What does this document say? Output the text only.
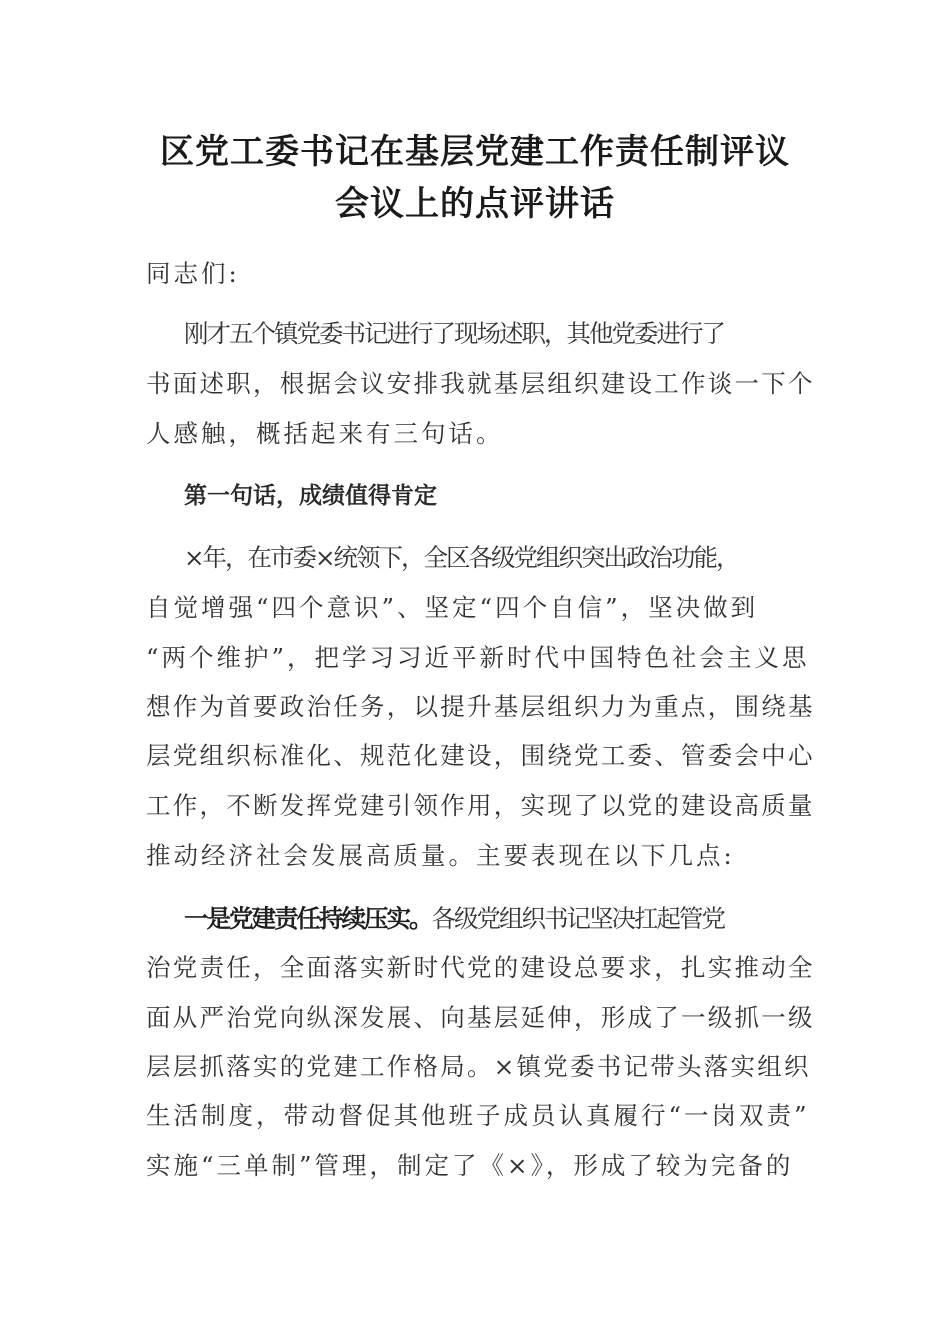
区党工委书记在基层党建工作责任制评议
会议上的点评讲话
同志们:
刚才五个镇党委书记进行了现场述职，其他党委进行了
书面述职，根据会议安排我就基层组织建设工作谈一下个
人感触，概括起来有三句话。
第一句话，成绩值得肯定
×年，在市委×统领下，全区各级党组织突出政治功能，
自觉增强“四个意识”、坚定“四个自信”，坚决做到
“两个维护”，把学习习近平新时代中国特色社会主义思
想作为首要政治任务，以提升基层组织力为重点，围绕基
层党组织标准化、规范化建设，围绕党工委、管委会中心
工作，不断发挥党建引领作用，实现了以党的建设高质量
推动经济社会发展高质量。主要表现在以下几点:
一是党建责任持续压实。各级党组织书记坚决扛起管党
治党责任，全面落实新时代党的建设总要求，扎实推动全
面从严治党向纵深发展、向基层延伸，形成了一级抓一级
层层抓落实的党建工作格局。×镇党委书记带头落实组织
生活制度，带动督促其他班子成员认真履行“一岗双责”
实施“三单制”管理，制定了《×》，形成了较为完备的
